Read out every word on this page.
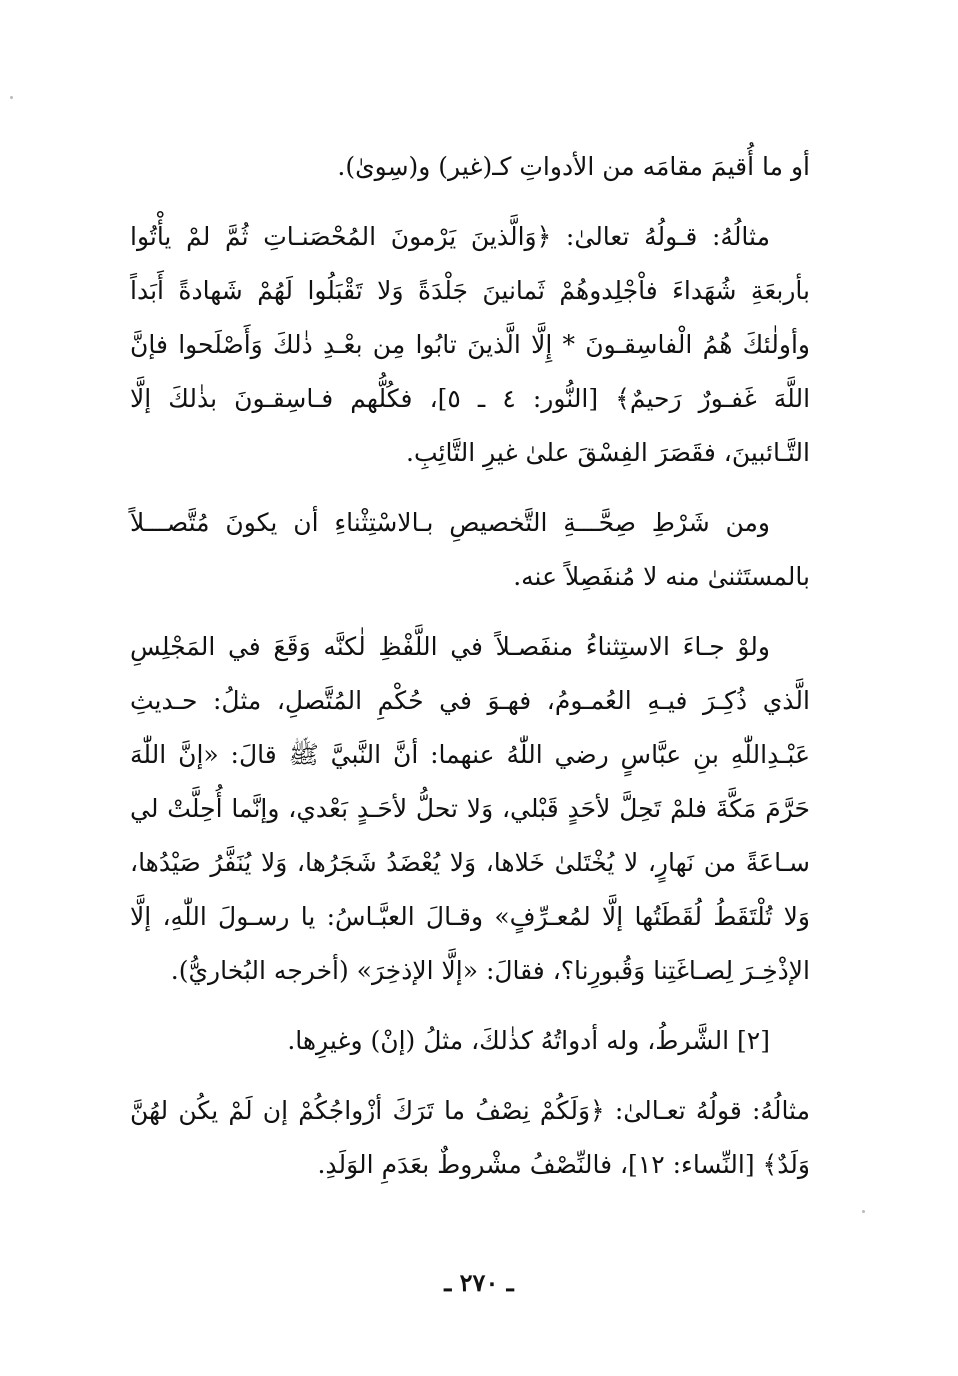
أو ما أُقيمَ مقامَه من الأدواتِ كـ(غير) و(سِوىٰ).

مثالُهُ: قـولُهُ تعالىٰ: ﴿وَالَّذينَ يَرْمونَ المُحْصَنـاتِ ثُمَّ لمْ يأْتُوا بأربعَةِ شُهَداءَ فاْجْلِدوهُمْ ثَمانينَ جَلْدَةً وَلا تَقْبَلُوا لَهُمْ شَهادةً أَبَداً وأولٰئكَ هُمُ الْفاسِقـونَ * إِلَّا الَّذينَ تابُوا مِن بعْـدِ ذٰلكَ وَأَصْلَحوا فإنَّ اللَّهَ غَفـورٌ رَحيمٌ﴾ [النُّور: ٤ ـ ٥]، فكُلُّهم فـاسِقـونَ بذٰلكَ إلَّا التَّـائبينَ، فقَصَرَ الفِسْقَ علىٰ غيرِ التَّائِبِ.

ومن شَرْطِ صِحَّـــةِ التَّخصيصِ بـالاسْتِثْناءِ أن يكونَ مُتَّصـــلاً بالمستَثنىٰ منه لا مُنفَصِلاً عنه.

ولوْ جـاءَ الاستِثناءُ منفَصـلاً في اللَّفْظِ لٰكنَّه وَقَعَ في المَجْلِسِ الَّذي ذُكِـرَ فيـهِ العُمـومُ، فهـوَ في حُكْمِ المُتَّصلِ، مثلُ: حـديثِ عَبْـدِاللّٰهِ بنِ عبَّاسٍ رضي اللّٰهُ عنهما: أنَّ النَّبيَّ ﷺ قالَ: «إنَّ اللّٰهَ حَرَّمَ مَكَّةَ فلمْ تَحِلَّ لأحَدٍ قَبْلي، وَلا تحلُّ لأحَـدٍ بَعْدي، وإنَّما أُحِلَّتْ لي سـاعَةً من نَهارٍ، لا يُخْتَلىٰ خَلاها، وَلا يُعْضَدُ شَجَرُها، وَلا يُنَفَّرُ صَيْدُها، وَلا تُلْتَقَطُ لُقَطَتُها إلَّا لمُعـرِّفٍ» وقـالَ العبَّـاسُ: يا رسـولَ اللّٰهِ، إلَّا الإذْخِـرَ لِصـاغَتِنا وَقُبورِنا؟، فقالَ: «إلَّا الإذخِرَ» (أخرجه البُخاريُّ).

[٢] الشَّرطُ، وله أدواتُهُ كذٰلكَ، مثلُ (إنْ) وغيرِها.

مثالُهُ: قولُهُ تعـالىٰ: ﴿وَلَكُمْ نِصْفُ ما تَرَكَ أزْواجُكُمْ إن لَمْ يكُن لهُنَّ وَلَدٌ﴾ [النِّساء: ١٢]، فالنِّصْفُ مشْروطٌ بعَدَمِ الوَلَدِ.

ـ ٢٧٠ ـ
